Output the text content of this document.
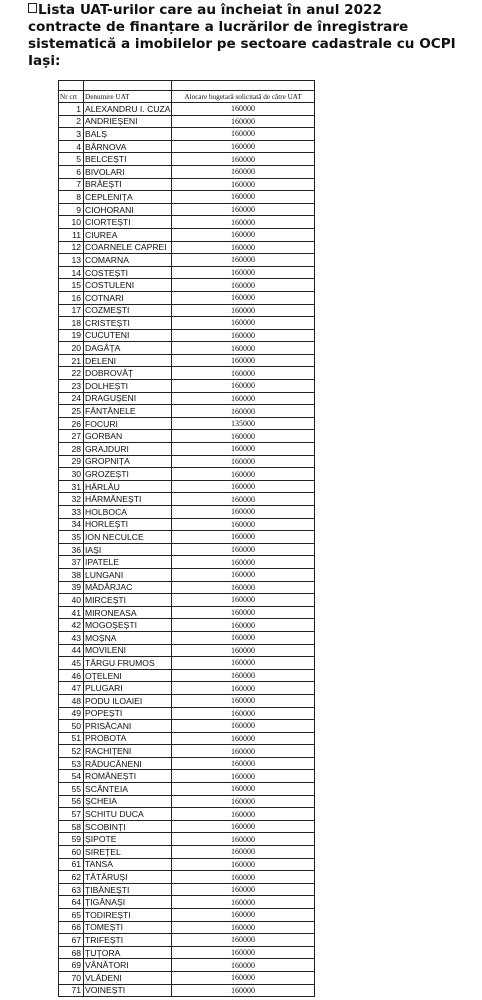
Lista UAT-urilor care au încheiat în anul 2022
contracte de finanțare a lucrărilor de înregistrare
sistematică a imobilelor pe sectoare cadastrale cu OCPI
Iași:

Nr crt	Denumire UAT	Alocare bugetară solicitată de către UAT
1	ALEXANDRU I. CUZA	160000
2	ANDRIEȘENI	160000
3	BALȘ	160000
4	BÂRNOVA	160000
5	BELCEȘTI	160000
6	BIVOLARI	160000
7	BRÂEȘTI	160000
8	CEPLENIȚA	160000
9	CIOHORANI	160000
10	CIORTEȘTI	160000
11	CIUREA	160000
12	COARNELE CAPREI	160000
13	COMARNA	160000
14	COSTEȘTI	160000
15	COSTULENI	160000
16	COTNARI	160000
17	COZMEȘTI	160000
18	CRISTEȘTI	160000
19	CUCUTENI	160000
20	DAGÂȚA	160000
21	DELENI	160000
22	DOBROVĂȚ	160000
23	DOLHEȘTI	160000
24	DRAGUȘENI	160000
25	FÂNTÂNELE	160000
26	FOCURI	135000
27	GORBAN	160000
28	GRAJDURI	160000
29	GROPNIȚA	160000
30	GROZEȘTI	160000
31	HÂRLĂU	160000
32	HĂRMĂNEȘTI	160000
33	HOLBOCA	160000
34	HORLEȘTI	160000
35	ION NECULCE	160000
36	IAȘI	160000
37	IPATELE	160000
38	LUNGANI	160000
39	MĂDÂRJAC	160000
40	MIRCEȘTI	160000
41	MIRONEASA	160000
42	MOGOȘEȘTI	160000
43	MOȘNA	160000
44	MOVILENI	160000
45	TÂRGU FRUMOS	160000
46	OȚELENI	160000
47	PLUGARI	160000
48	PODU ILOAIEI	160000
49	POPEȘTI	160000
50	PRISĂCANI	160000
51	PROBOTA	160000
52	RACHIȚENI	160000
53	RĂDUCĂNENI	160000
54	ROMÂNEȘTI	160000
55	SCÂNTEIA	160000
56	ȘCHEIA	160000
57	SCHITU DUCA	160000
58	SCOBINȚI	160000
59	ȘIPOTE	160000
60	SIREȚEL	160000
61	TANSA	160000
62	TĂTĂRUȘI	160000
63	ȚIBĂNEȘTI	160000
64	ȚIGĂNAȘI	160000
65	TODIREȘTI	160000
66	TOMEȘTI	160000
67	TRIFEȘTI	160000
68	ȚUȚORA	160000
69	VÂNĂTORI	160000
70	VLĂDENI	160000
71	VOINEȘTI	160000
